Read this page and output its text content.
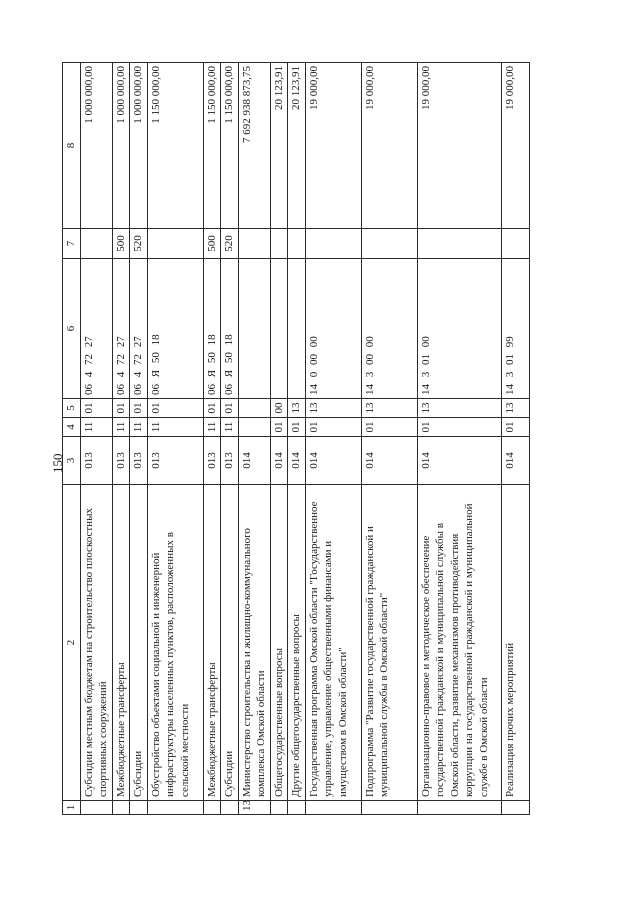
150
1	2	3	4	5	6	7	8
	Субсидии местным бюджетам на строительство плоскостных спортивных сооружений	013	11	01	06 4 72 27		1 000 000,00
	Межбюджетные трансферты	013	11	01	06 4 72 27	500	1 000 000,00
	Субсидии	013	11	01	06 4 72 27	520	1 000 000,00
	Обустройство объектами социальной и инженерной инфраструктуры населенных пунктов, расположенных в сельской местности	013	11	01	06 Я 50 18		1 150 000,00
	Межбюджетные трансферты	013	11	01	06 Я 50 18	500	1 150 000,00
	Субсидии	013	11	01	06 Я 50 18	520	1 150 000,00
13	Министерство строительства и жилищно-коммунального комплекса Омской области	014					7 692 938 873,75
	Общегосударственные вопросы	014	01	00			20 123,91
	Другие общегосударственные вопросы	014	01	13			20 123,91
	Государственная программа Омской области "Государственное управление, управление общественными финансами и имуществом в Омской области"	014	01	13	14 0 00 00		19 000,00
	Подпрограмма "Развитие государственной гражданской и муниципальной службы в Омской области"	014	01	13	14 3 00 00		19 000,00
	Организационно-правовое и методическое обеспечение государственной гражданской и муниципальной службы в Омской области, развитие механизмов противодействия коррупции на государственной гражданской и муниципальной службе в Омской области	014	01	13	14 3 01 00		19 000,00
	Реализация прочих мероприятий	014	01	13	14 3 01 99		19 000,00
